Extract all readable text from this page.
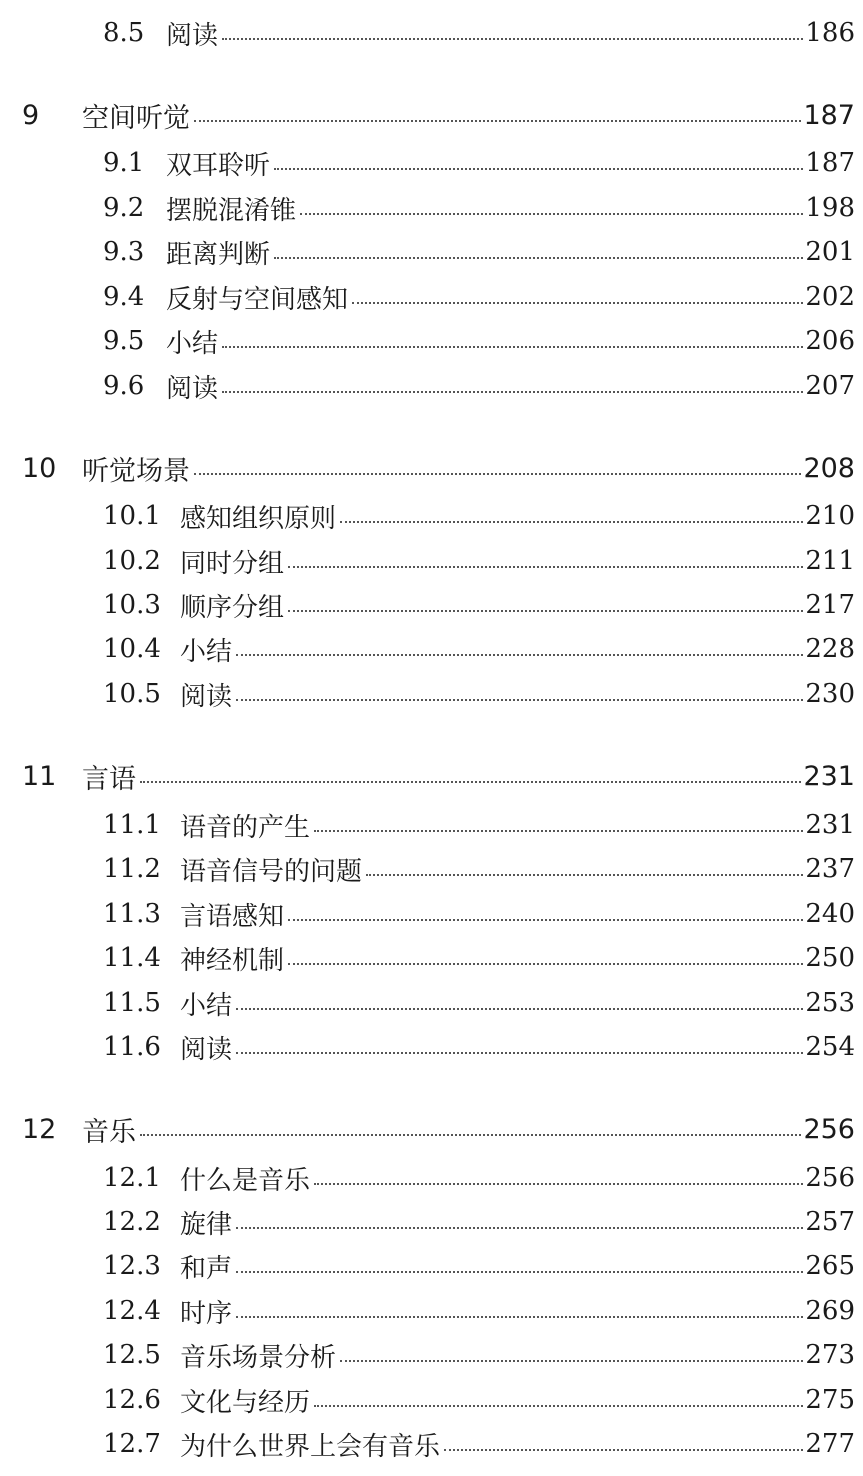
8.5 阅读	186
9 空间听觉	187
9.1 双耳聆听	187
9.2 摆脱混淆锥	198
9.3 距离判断	201
9.4 反射与空间感知	202
9.5 小结	206
9.6 阅读	207
10 听觉场景	208
10.1 感知组织原则	210
10.2 同时分组	211
10.3 顺序分组	217
10.4 小结	228
10.5 阅读	230
11 言语	231
11.1 语音的产生	231
11.2 语音信号的问题	237
11.3 言语感知	240
11.4 神经机制	250
11.5 小结	253
11.6 阅读	254
12 音乐	256
12.1 什么是音乐	256
12.2 旋律	257
12.3 和声	265
12.4 时序	269
12.5 音乐场景分析	273
12.6 文化与经历	275
12.7 为什么世界上会有音乐	277
